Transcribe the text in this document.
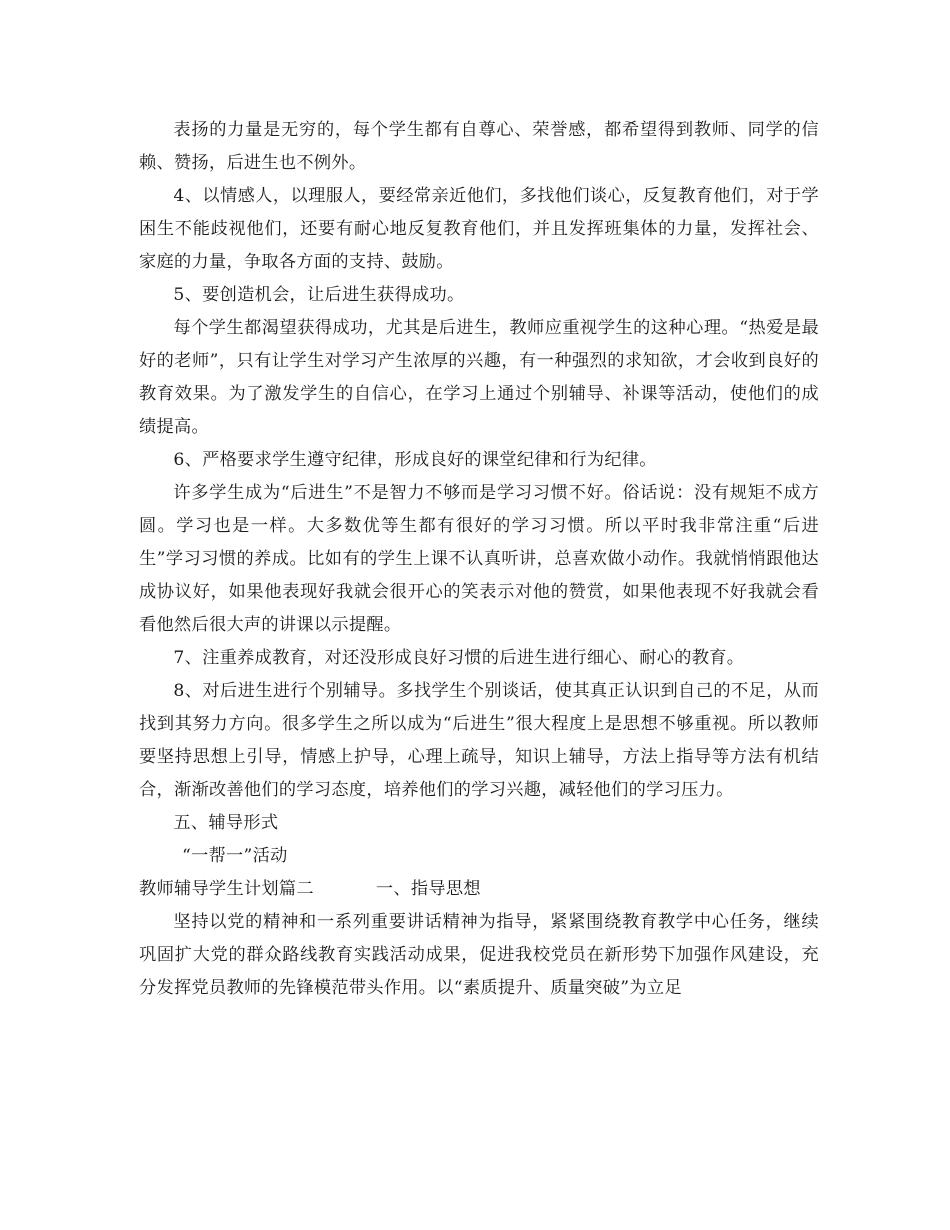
表扬的力量是无穷的，每个学生都有自尊心、荣誉感，都希望得到教师、同学的信赖、赞扬，后进生也不例外。

4、以情感人，以理服人，要经常亲近他们，多找他们谈心，反复教育他们，对于学困生不能歧视他们，还要有耐心地反复教育他们，并且发挥班集体的力量，发挥社会、家庭的力量，争取各方面的支持、鼓励。

5、要创造机会，让后进生获得成功。

每个学生都渴望获得成功，尤其是后进生，教师应重视学生的这种心理。“热爱是最好的老师”，只有让学生对学习产生浓厚的兴趣，有一种强烈的求知欲，才会收到良好的教育效果。为了激发学生的自信心，在学习上通过个别辅导、补课等活动，使他们的成绩提高。

6、严格要求学生遵守纪律，形成良好的课堂纪律和行为纪律。

许多学生成为“后进生”不是智力不够而是学习习惯不好。俗话说：没有规矩不成方圆。学习也是一样。大多数优等生都有很好的学习习惯。所以平时我非常注重“后进生”学习习惯的养成。比如有的学生上课不认真听讲，总喜欢做小动作。我就悄悄跟他达成协议好，如果他表现好我就会很开心的笑表示对他的赞赏，如果他表现不好我就会看看他然后很大声的讲课以示提醒。

7、注重养成教育，对还没形成良好习惯的后进生进行细心、耐心的教育。

8、对后进生进行个别辅导。多找学生个别谈话，使其真正认识到自己的不足，从而找到其努力方向。很多学生之所以成为“后进生”很大程度上是思想不够重视。所以教师要坚持思想上引导，情感上护导，心理上疏导，知识上辅导，方法上指导等方法有机结合，渐渐改善他们的学习态度，培养他们的学习兴趣，减轻他们的学习压力。

五、辅导形式

“一帮一”活动

教师辅导学生计划篇二	一、指导思想

坚持以党的精神和一系列重要讲话精神为指导，紧紧围绕教育教学中心任务，继续巩固扩大党的群众路线教育实践活动成果，促进我校党员在新形势下加强作风建设，充分发挥党员教师的先锋模范带头作用。以“素质提升、质量突破”为立足
